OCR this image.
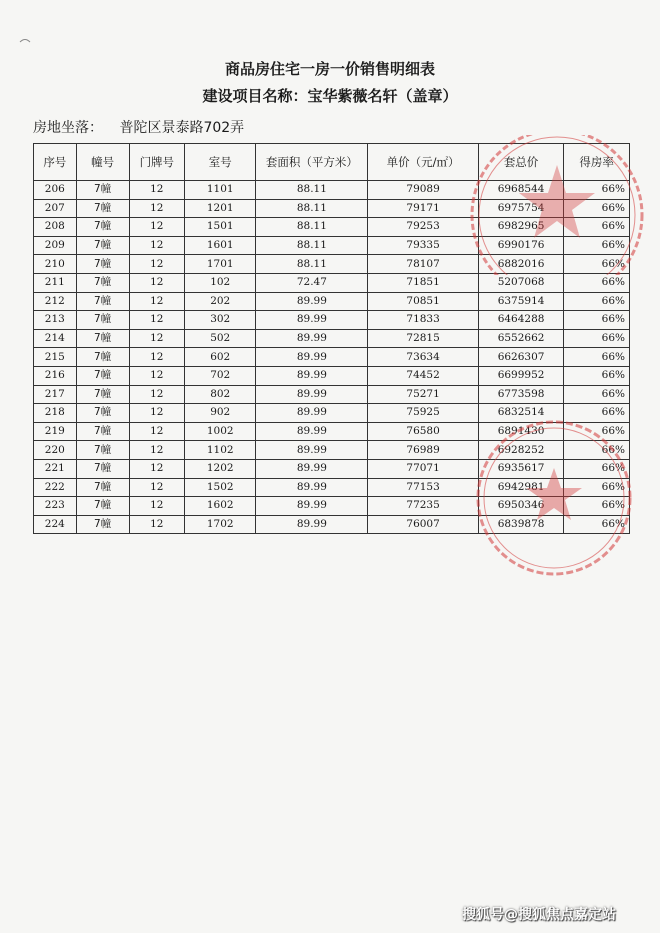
商品房住宅一房一价销售明细表
建设项目名称：宝华紫薇名轩（盖章）
房地坐落： 普陀区景泰路702弄
序号	幢号	门牌号	室号	套面积（平方米）	单价（元/㎡）	套总价	得房率
206	7幢	12	1101	88.11	79089	6968544	66%
207	7幢	12	1201	88.11	79171	6975754	66%
208	7幢	12	1501	88.11	79253	6982965	66%
209	7幢	12	1601	88.11	79335	6990176	66%
210	7幢	12	1701	88.11	78107	6882016	66%
211	7幢	12	102	72.47	71851	5207068	66%
212	7幢	12	202	89.99	70851	6375914	66%
213	7幢	12	302	89.99	71833	6464288	66%
214	7幢	12	502	89.99	72815	6552662	66%
215	7幢	12	602	89.99	73634	6626307	66%
216	7幢	12	702	89.99	74452	6699952	66%
217	7幢	12	802	89.99	75271	6773598	66%
218	7幢	12	902	89.99	75925	6832514	66%
219	7幢	12	1002	89.99	76580	6891430	66%
220	7幢	12	1102	89.99	76989	6928252	66%
221	7幢	12	1202	89.99	77071	6935617	66%
222	7幢	12	1502	89.99	77153	6942981	66%
223	7幢	12	1602	89.99	77235	6950346	66%
224	7幢	12	1702	89.99	76007	6839878	66%
搜狐号@搜狐焦点嘉定站
